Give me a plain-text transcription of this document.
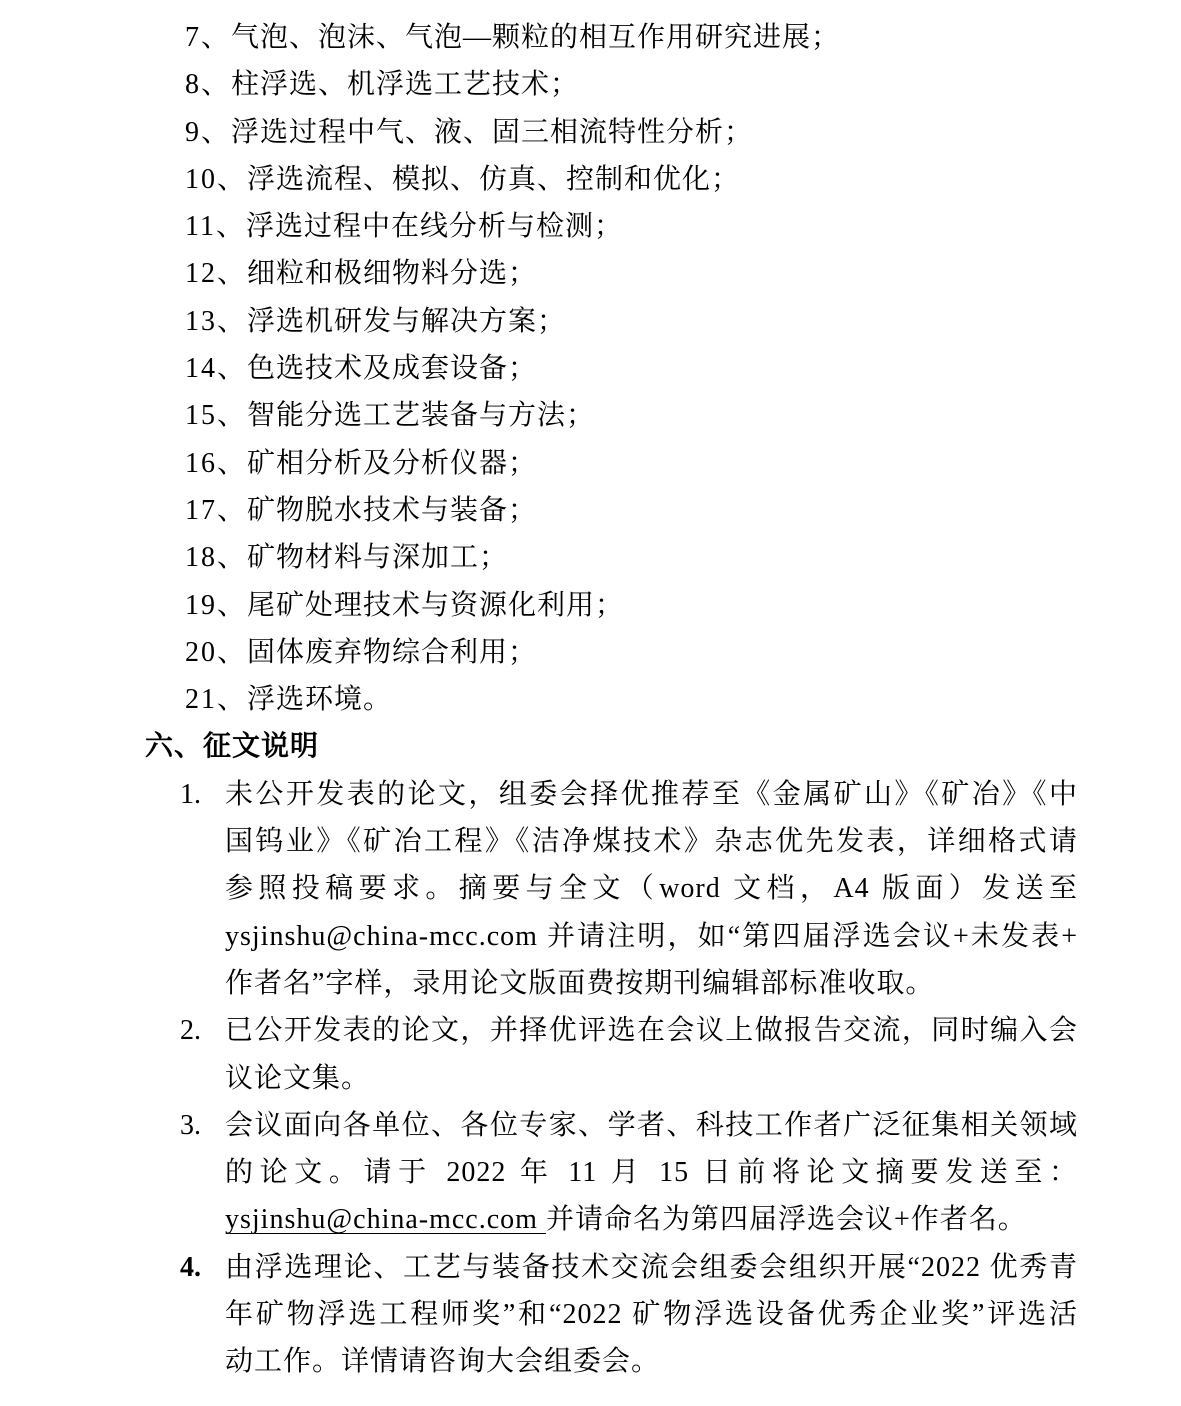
7、气泡、泡沫、气泡—颗粒的相互作用研究进展；
8、柱浮选、机浮选工艺技术；
9、浮选过程中气、液、固三相流特性分析；
10、浮选流程、模拟、仿真、控制和优化；
11、浮选过程中在线分析与检测；
12、细粒和极细物料分选；
13、浮选机研发与解决方案；
14、色选技术及成套设备；
15、智能分选工艺装备与方法；
16、矿相分析及分析仪器；
17、矿物脱水技术与装备；
18、矿物材料与深加工；
19、尾矿处理技术与资源化利用；
20、固体废弃物综合利用；
21、浮选环境。
六、征文说明
1. 未公开发表的论文，组委会择优推荐至《金属矿山》《矿冶》《中
国钨业》《矿冶工程》《洁净煤技术》杂志优先发表，详细格式请
参照投稿要求。摘要与全文（word 文档，A4 版面）发送至
ysjinshu@china-mcc.com 并请注明，如“第四届浮选会议+未发表+
作者名”字样，录用论文版面费按期刊编辑部标准收取。
2. 已公开发表的论文，并择优评选在会议上做报告交流，同时编入会
议论文集。
3. 会议面向各单位、各位专家、学者、科技工作者广泛征集相关领域
的论文。请于 2022 年 11 月 15 日前将论文摘要发送至：
ysjinshu@china-mcc.com 并请命名为第四届浮选会议+作者名。
4. 由浮选理论、工艺与装备技术交流会组委会组织开展“2022 优秀青
年矿物浮选工程师奖”和“2022 矿物浮选设备优秀企业奖”评选活
动工作。详情请咨询大会组委会。
